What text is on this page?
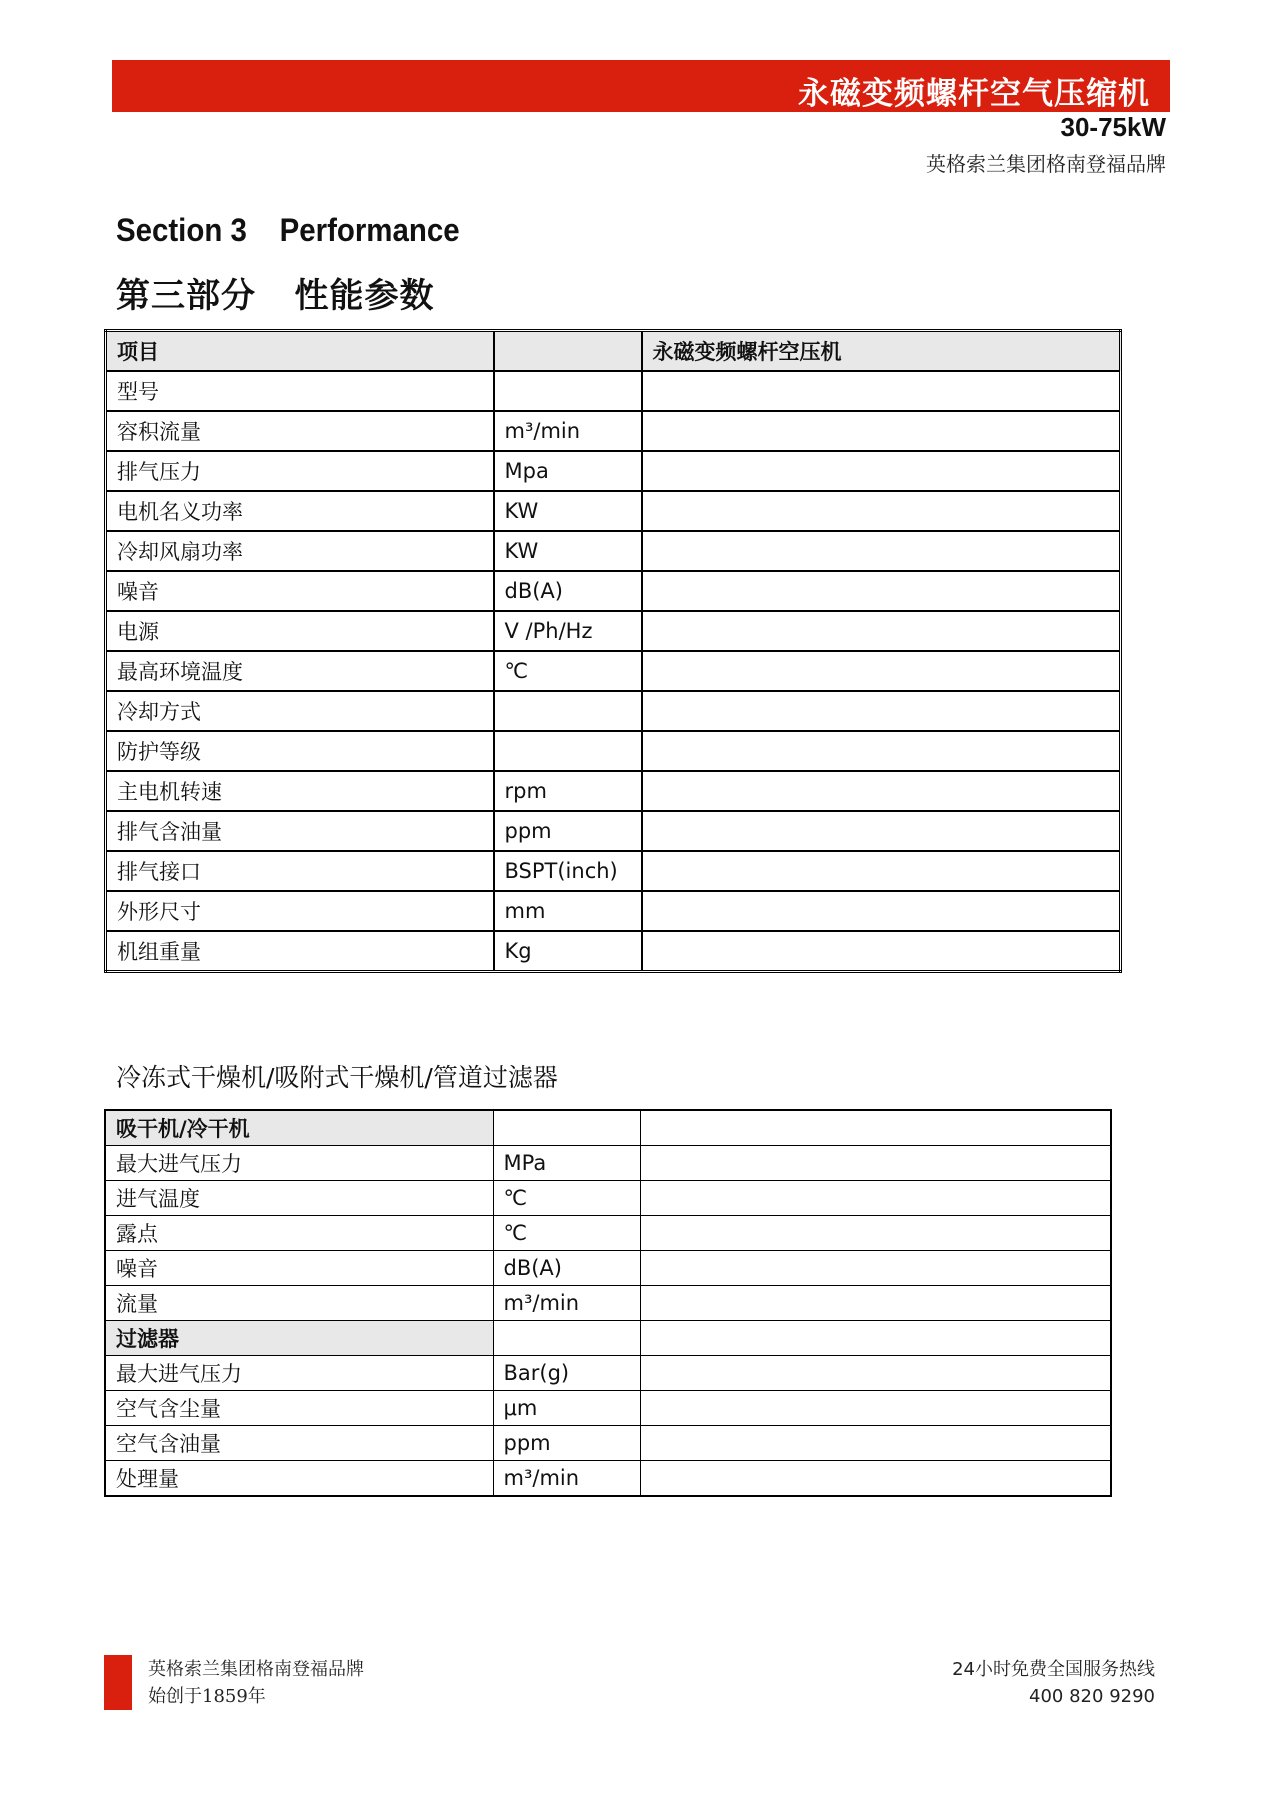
永磁变频螺杆空气压缩机
30-75kW
英格索兰集团格南登福品牌
Section 3    Performance
第三部分   性能参数
项目		永磁变频螺杆空压机
型号		
容积流量	m³/min	
排气压力	Mpa	
电机名义功率	KW	
冷却风扇功率	KW	
噪音	dB(A)	
电源	V /Ph/Hz	
最高环境温度	℃	
冷却方式		
防护等级		
主电机转速	rpm	
排气含油量	ppm	
排气接口	BSPT(inch)	
外形尺寸	mm	
机组重量	Kg	
冷冻式干燥机/吸附式干燥机/管道过滤器
吸干机/冷干机		
最大进气压力	MPa	
进气温度	℃	
露点	℃	
噪音	dB(A)	
流量	m³/min	
过滤器		
最大进气压力	Bar(g)	
空气含尘量	μm	
空气含油量	ppm	
处理量	m³/min	
英格索兰集团格南登福品牌
始创于1859年
24小时免费全国服务热线
400 820 9290
